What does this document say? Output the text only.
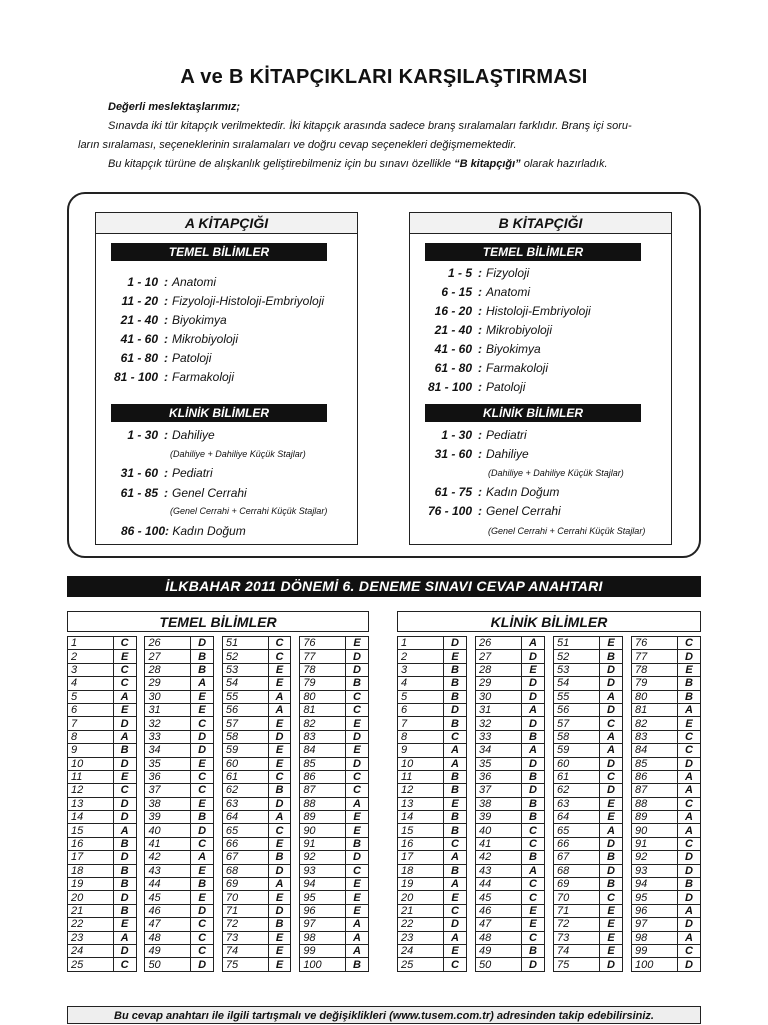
A ve B KİTAPÇIKLARI KARŞILAŞTIRMASI

Değerli meslektaşlarımız;

Sınavda iki tür kitapçık verilmektedir. İki kitapçık arasında sadece branş sıralamaları farklıdır. Branş içi soru-

ların sıralaması, seçeneklerinin sıralamaları ve doğru cevap seçenekleri değişmemektedir.

Bu kitapçık türüne de alışkanlık geliştirebilmeniz için bu sınavı özellikle “B kitapçığı” olarak hazırladık.

A KİTAPÇIĞI
TEMEL BİLİMLER
1 - 10 : Anatomi
11 - 20 : Fizyoloji-Histoloji-Embriyoloji
21 - 40 : Biyokimya
41 - 60 : Mikrobiyoloji
61 - 80 : Patoloji
81 - 100 : Farmakoloji
KLİNİK BİLİMLER
1 - 30 : Dahiliye
(Dahiliye + Dahiliye Küçük Stajlar)
31 - 60 : Pediatri
61 - 85 : Genel Cerrahi
(Genel Cerrahi + Cerrahi Küçük Stajlar)
86 - 100: Kadın Doğum
B KİTAPÇIĞI
TEMEL BİLİMLER
1 - 5 : Fizyoloji
6 - 15 : Anatomi
16 - 20 : Histoloji-Embriyoloji
21 - 40 : Mikrobiyoloji
41 - 60 : Biyokimya
61 - 80 : Farmakoloji
81 - 100 : Patoloji
KLİNİK BİLİMLER
1 - 30 : Pediatri
31 - 60 : Dahiliye
(Dahiliye + Dahiliye Küçük Stajlar)
61 - 75 : Kadın Doğum
76 - 100 : Genel Cerrahi
(Genel Cerrahi + Cerrahi Küçük Stajlar)
İLKBAHAR 2011 DÖNEMİ 6. DENEME SINAVI CEVAP ANAHTARI
TEMEL BİLİMLER	KLİNİK BİLİMLER
1	C		26	D		51	C		76	E
2	E		27	B		52	C		77	D
3	C		28	B		53	E		78	D
4	C		29	A		54	E		79	B
5	A		30	E		55	A		80	C
6	E		31	E		56	A		81	C
7	D		32	C		57	E		82	E
8	A		33	D		58	D		83	D
9	B		34	D		59	E		84	E
10	D		35	E		60	E		85	D
11	E		36	C		61	C		86	C
12	C		37	C		62	B		87	C
13	D		38	E		63	D		88	A
14	D		39	B		64	A		89	E
15	A		40	D		65	C		90	E
16	B		41	C		66	E		91	B
17	D		42	A		67	B		92	D
18	B		43	E		68	D		93	C
19	B		44	B		69	A		94	E
20	D		45	E		70	E		95	E
21	B		46	D		71	D		96	E
22	E		47	C		72	B		97	A
23	A		48	C		73	E		98	A
24	D		49	C		74	E		99	A
25	C		50	D		75	E		100	B
1	D		26	A		51	E		76	C
2	E		27	D		52	B		77	D
3	B		28	E		53	D		78	E
4	B		29	D		54	D		79	B
5	B		30	D		55	A		80	B
6	D		31	A		56	D		81	A
7	B		32	D		57	C		82	E
8	C		33	B		58	A		83	C
9	A		34	A		59	A		84	C
10	A		35	D		60	D		85	D
11	B		36	B		61	C		86	A
12	B		37	D		62	D		87	A
13	E		38	B		63	E		88	C
14	B		39	B		64	E		89	A
15	B		40	C		65	A		90	A
16	C		41	C		66	D		91	C
17	A		42	B		67	B		92	D
18	B		43	A		68	D		93	D
19	A		44	C		69	B		94	B
20	E		45	C		70	C		95	D
21	C		46	E		71	E		96	A
22	D		47	E		72	E		97	D
23	A		48	C		73	E		98	A
24	E		49	B		74	E		99	C
25	C		50	D		75	D		100	D
Bu cevap anahtarı ile ilgili tartışmalı ve değişiklikleri (www.tusem.com.tr) adresinden takip edebilirsiniz.
